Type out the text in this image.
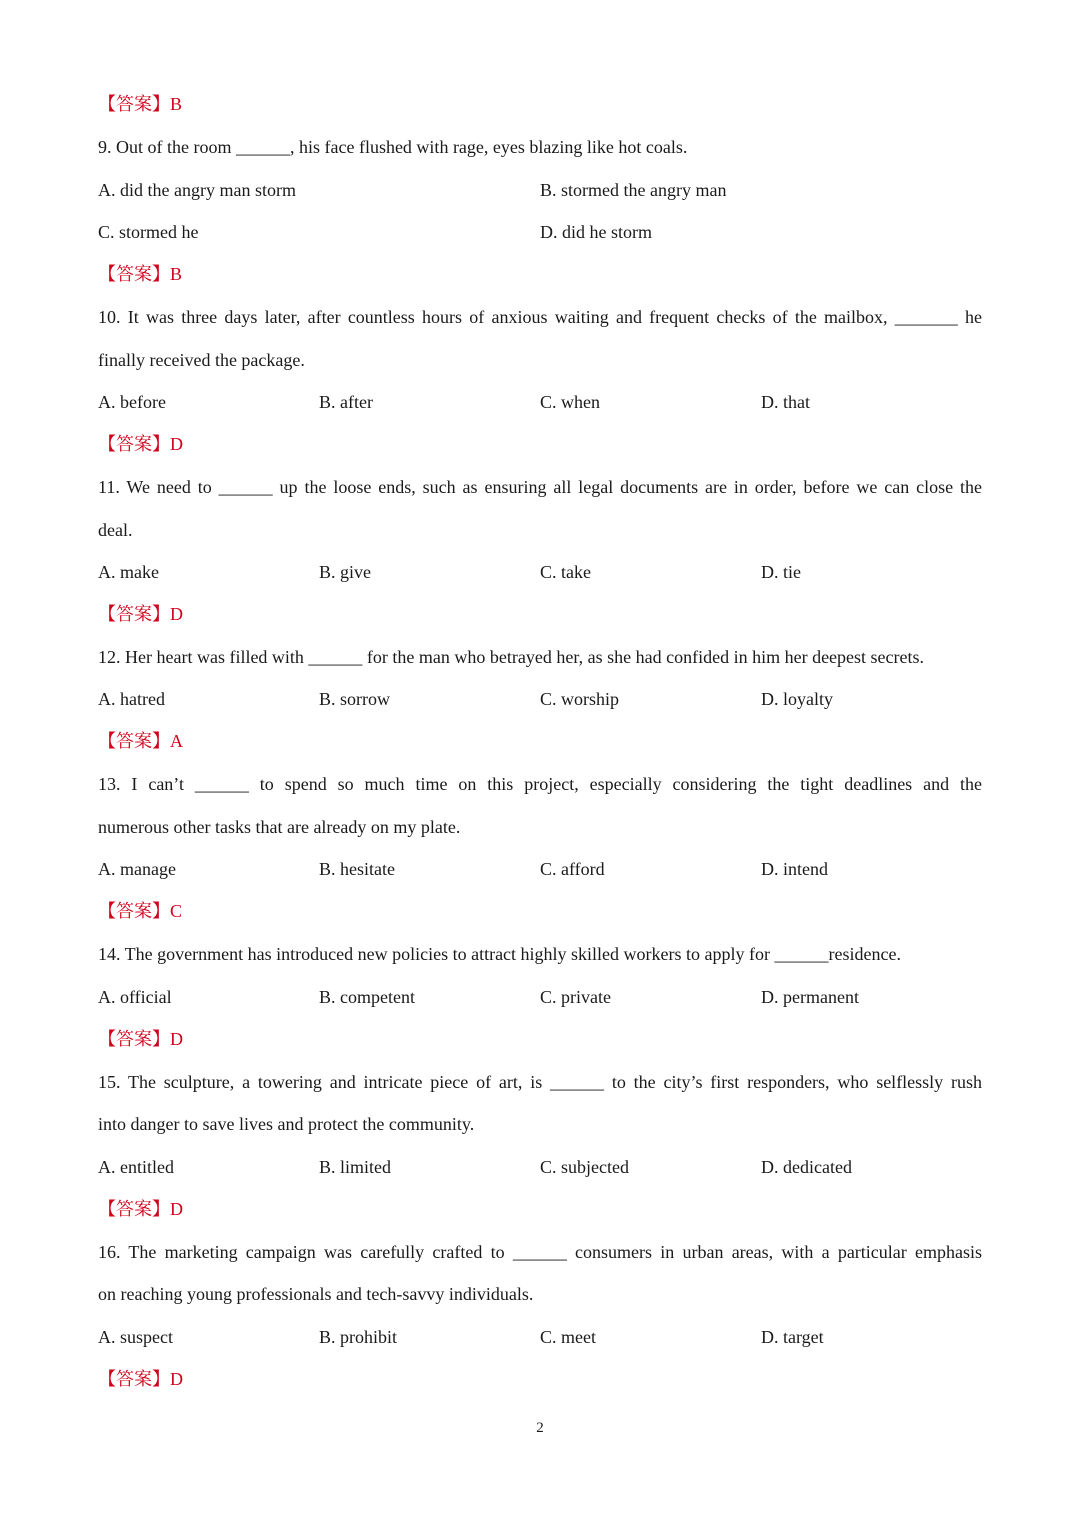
【答案】B
9. Out of the room ______, his face flushed with rage, eyes blazing like hot coals.
A. did the angry man storm	B. stormed the angry man
C. stormed he	D. did he storm
【答案】B
10. It was three days later, after countless hours of anxious waiting and frequent checks of the mailbox, _______ he
finally received the package.
A. before	B. after	C. when	D. that
【答案】D
11. We need to ______ up the loose ends, such as ensuring all legal documents are in order, before we can close the
deal.
A. make	B. give	C. take	D. tie
【答案】D
12. Her heart was filled with ______ for the man who betrayed her, as she had confided in him her deepest secrets.
A. hatred	B. sorrow	C. worship	D. loyalty
【答案】A
13. I can’t ______ to spend so much time on this project, especially considering the tight deadlines and the
numerous other tasks that are already on my plate.
A. manage	B. hesitate	C. afford	D. intend
【答案】C
14. The government has introduced new policies to attract highly skilled workers to apply for ______residence.
A. official	B. competent	C. private	D. permanent
【答案】D
15. The sculpture, a towering and intricate piece of art, is ______ to the city’s first responders, who selflessly rush
into danger to save lives and protect the community.
A. entitled	B. limited	C. subjected	D. dedicated
【答案】D
16. The marketing campaign was carefully crafted to ______ consumers in urban areas, with a particular emphasis
on reaching young professionals and tech-savvy individuals.
A. suspect	B. prohibit	C. meet	D. target
【答案】D
2
